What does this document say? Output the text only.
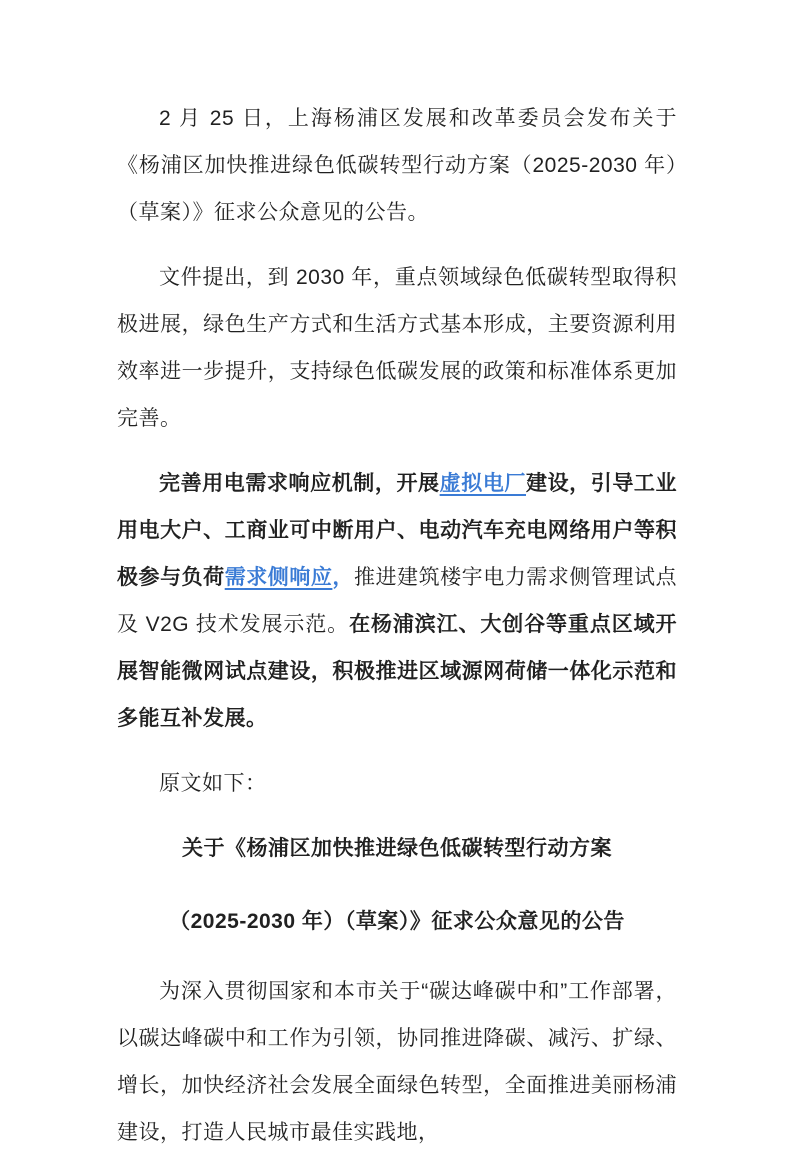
2 月 25 日，上海杨浦区发展和改革委员会发布关于《杨浦区加快推进绿色低碳转型行动方案（2025-2030 年）（草案）》征求公众意见的公告。

文件提出，到 2030 年，重点领域绿色低碳转型取得积极进展，绿色生产方式和生活方式基本形成，主要资源利用效率进一步提升，支持绿色低碳发展的政策和标准体系更加完善。

完善用电需求响应机制，开展虚拟电厂建设，引导工业用电大户、工商业可中断用户、电动汽车充电网络用户等积极参与负荷需求侧响应，推进建筑楼宇电力需求侧管理试点及 V2G 技术发展示范。在杨浦滨江、大创谷等重点区域开展智能微网试点建设，积极推进区域源网荷储一体化示范和多能互补发展。

原文如下：

关于《杨浦区加快推进绿色低碳转型行动方案

（2025-2030 年）（草案）》征求公众意见的公告

为深入贯彻国家和本市关于“碳达峰碳中和”工作部署，以碳达峰碳中和工作为引领，协同推进降碳、减污、扩绿、增长，加快经济社会发展全面绿色转型，全面推进美丽杨浦建设，打造人民城市最佳实践地，
